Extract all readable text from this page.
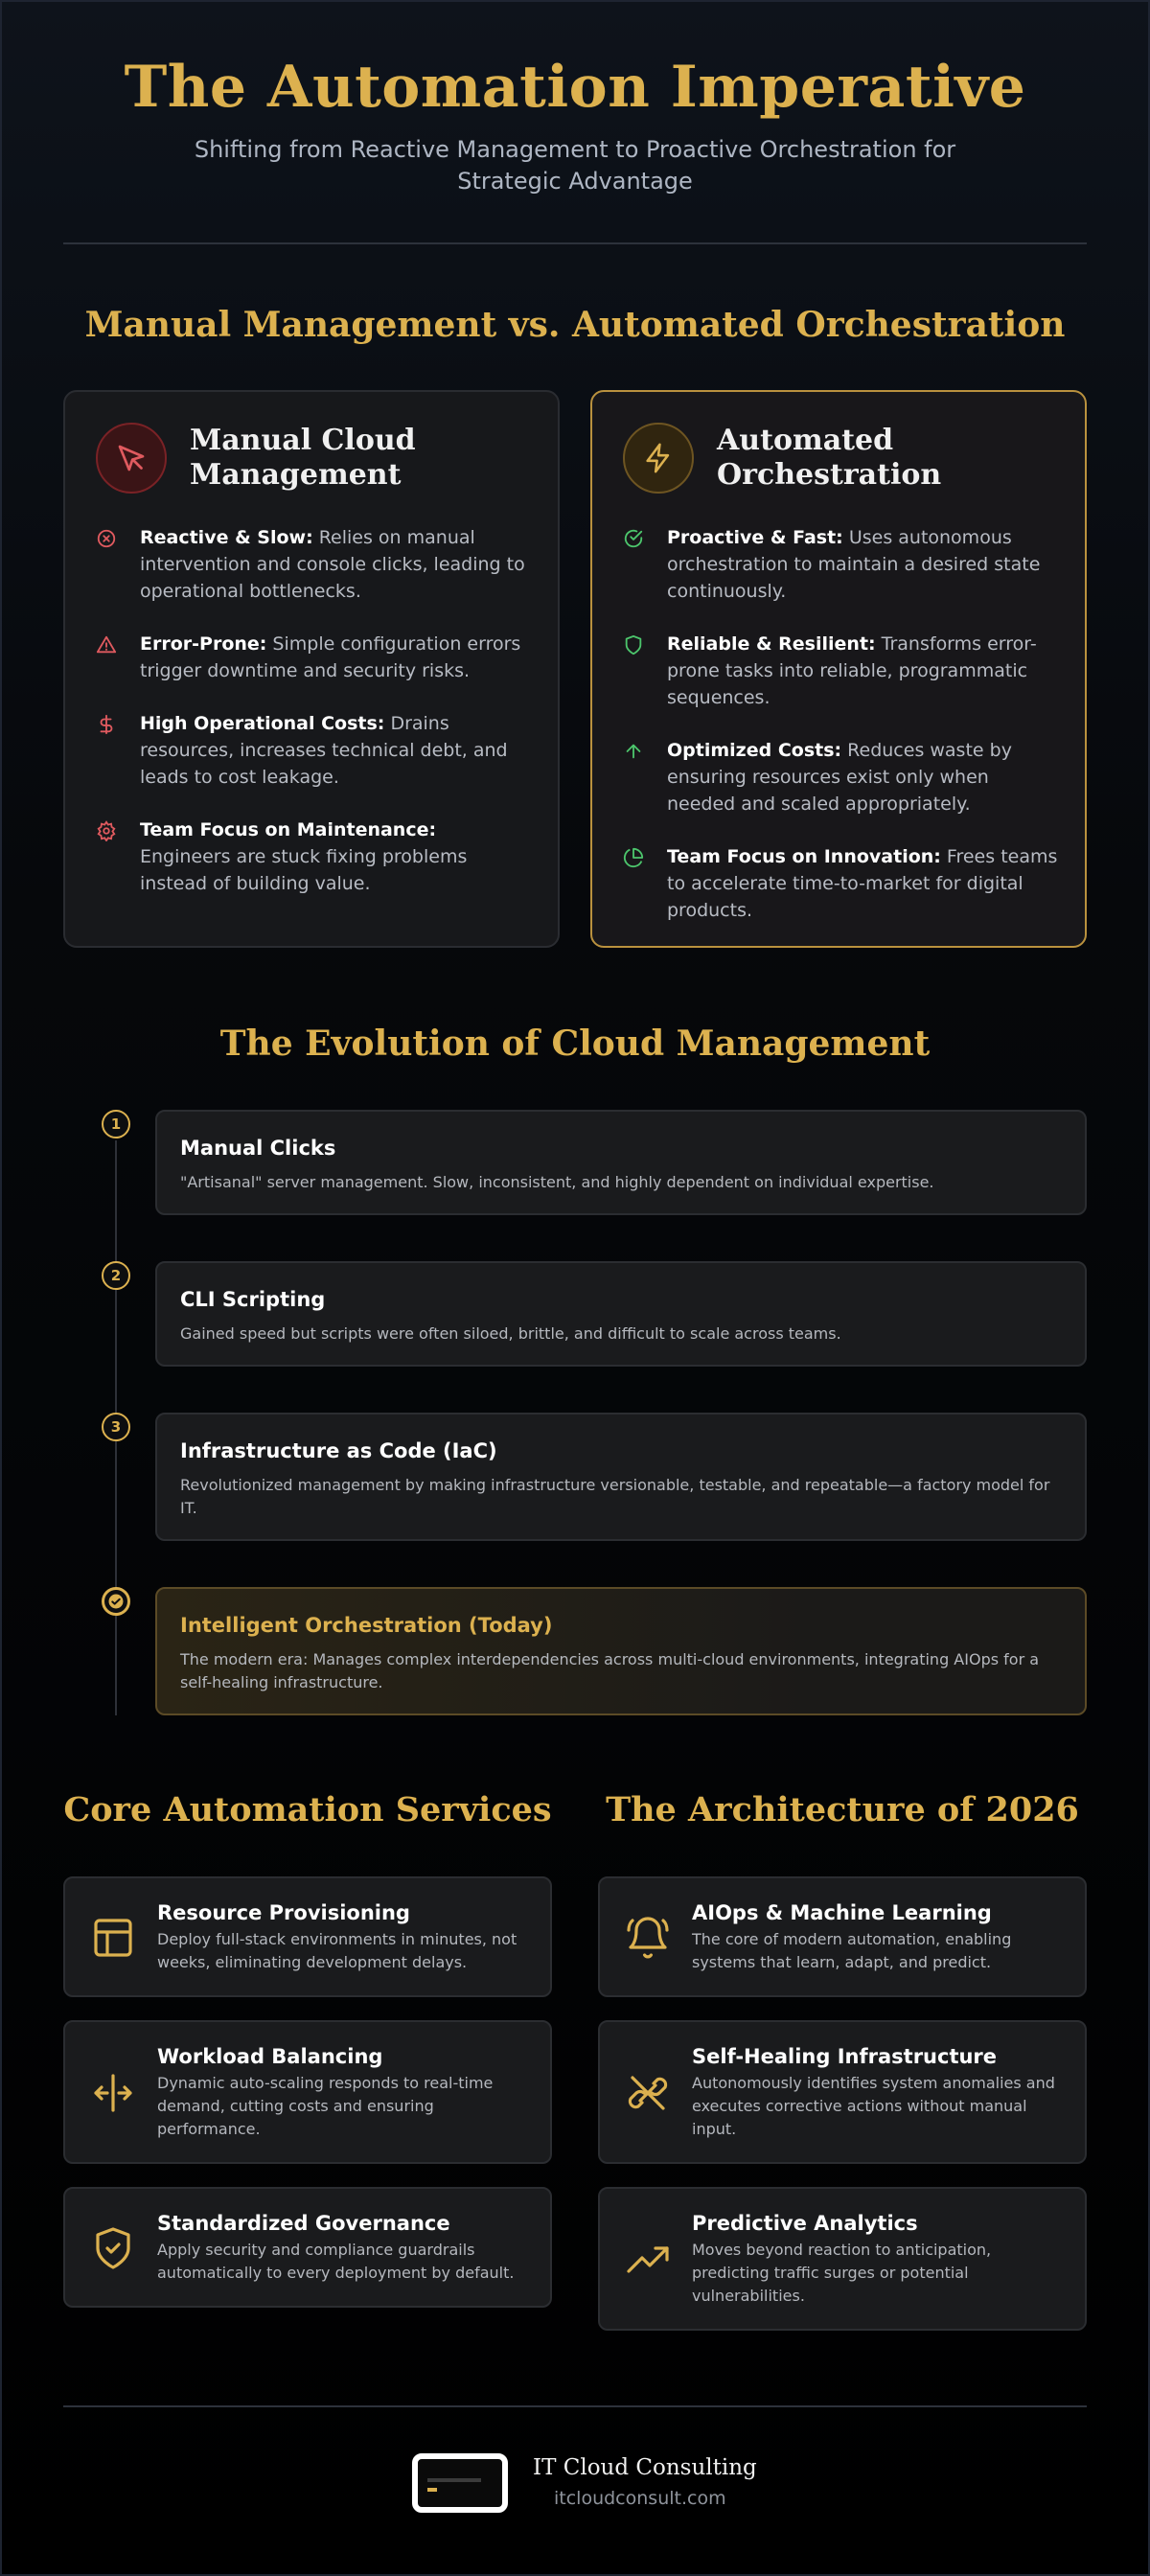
The Automation Imperative

Shifting from Reactive Management to Proactive Orchestration for Strategic Advantage

Manual Management vs. Automated Orchestration
Manual Cloud
Management
Reactive & Slow: Relies on manual intervention and console clicks, leading to operational bottlenecks.
Error-Prone: Simple configuration errors trigger downtime and security risks.
High Operational Costs: Drains resources, increases technical debt, and leads to cost leakage.
Team Focus on Maintenance: Engineers are stuck fixing problems instead of building value.
Automated
Orchestration
Proactive & Fast: Uses autonomous orchestration to maintain a desired state continuously.
Reliable & Resilient: Transforms error-prone tasks into reliable, programmatic sequences.
Optimized Costs: Reduces waste by ensuring resources exist only when needed and scaled appropriately.
Team Focus on Innovation: Frees teams to accelerate time-to-market for digital products.
The Evolution of Cloud Management
1
Manual Clicks
"Artisanal" server management. Slow, inconsistent, and highly dependent on individual expertise.
2
CLI Scripting
Gained speed but scripts were often siloed, brittle, and difficult to scale across teams.
3
Infrastructure as Code (IaC)
Revolutionized management by making infrastructure versionable, testable, and repeatable—a factory model for IT.
Intelligent Orchestration (Today)
The modern era: Manages complex interdependencies across multi-cloud environments, integrating AIOps for a self-healing infrastructure.
Core Automation Services The Architecture of 2026
Resource Provisioning
Deploy full-stack environments in minutes, not weeks, eliminating development delays.
Workload Balancing
Dynamic auto-scaling responds to real-time demand, cutting costs and ensuring performance.
Standardized Governance
Apply security and compliance guardrails automatically to every deployment by default.
AIOps & Machine Learning
The core of modern automation, enabling systems that learn, adapt, and predict.
Self-Healing Infrastructure
Autonomously identifies system anomalies and executes corrective actions without manual input.
Predictive Analytics
Moves beyond reaction to anticipation, predicting traffic surges or potential vulnerabilities.
IT Cloud Consulting
itcloudconsult.com
